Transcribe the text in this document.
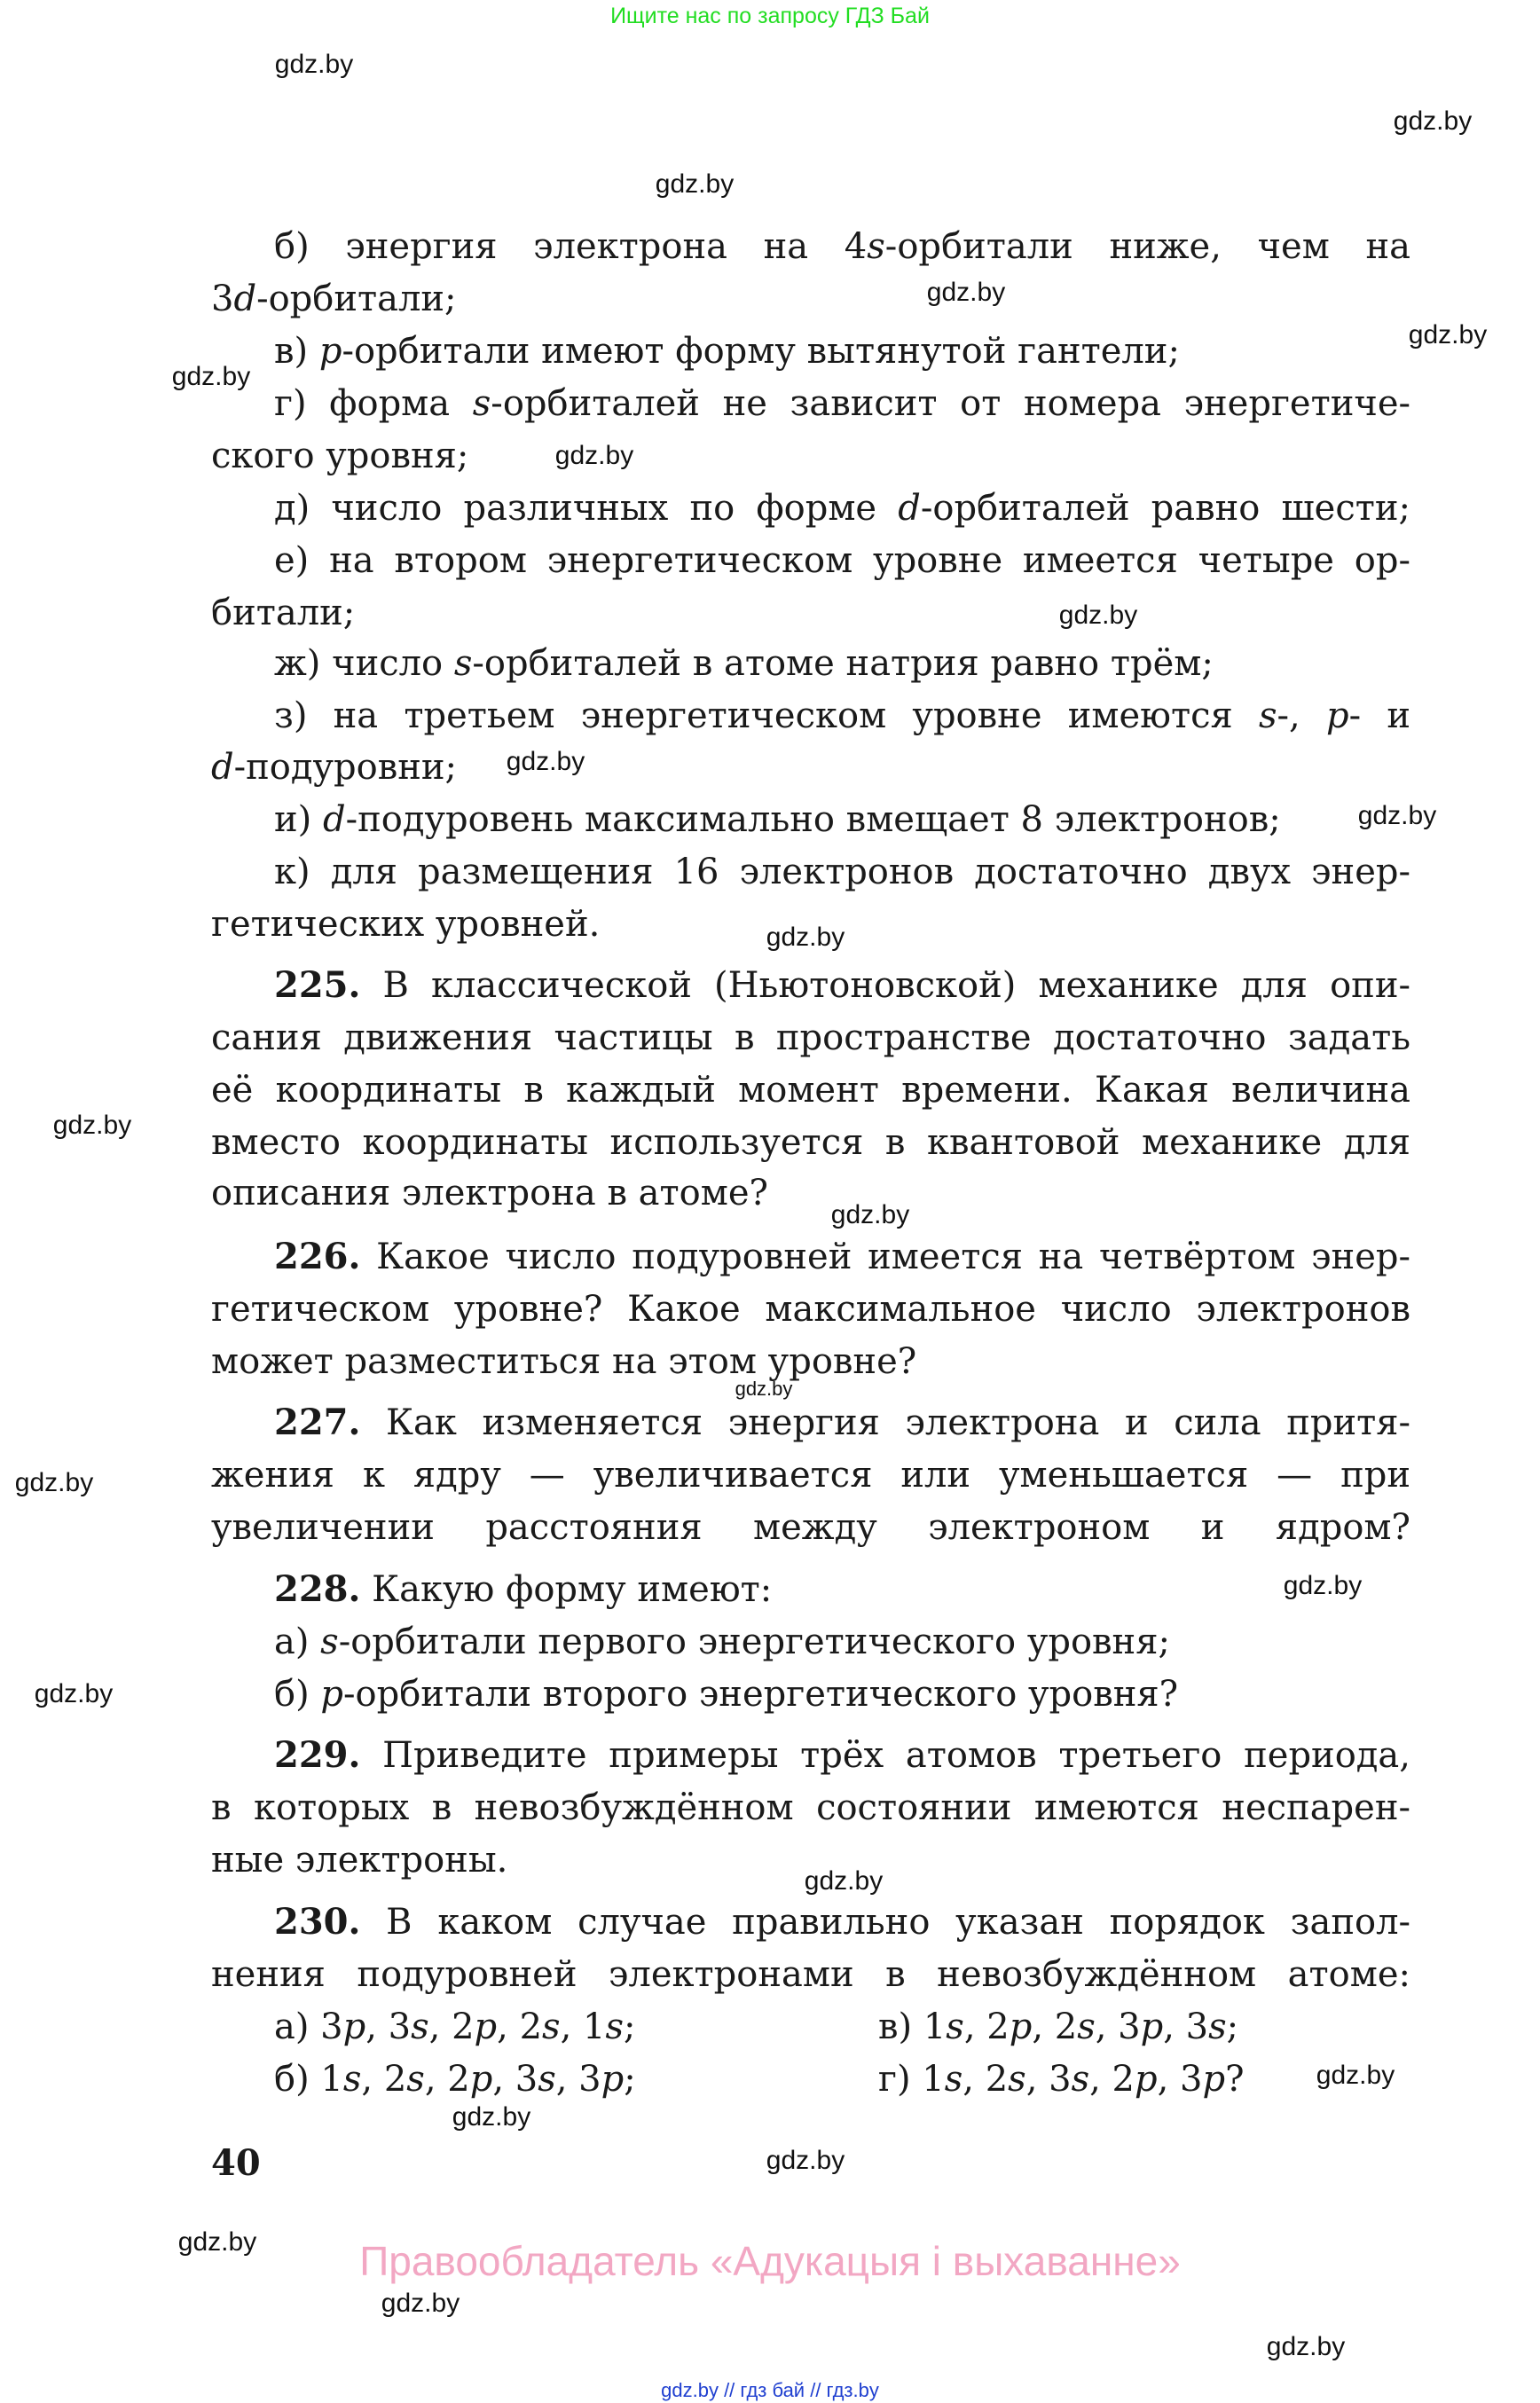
Ищите нас по запросу ГДЗ Бай
б) энергия электрона на 4s-орбитали ниже, чем на
3d-орбитали;
в) p-орбитали имеют форму вытянутой гантели;
г) форма s-орбиталей не зависит от номера энергетиче-
ского уровня;
д) число различных по форме d-орбиталей равно шести;
е) на втором энергетическом уровне имеется четыре ор-
битали;
ж) число s-орбиталей в атоме натрия равно трём;
з) на третьем энергетическом уровне имеются s-, p- и
d-подуровни;
и) d-подуровень максимально вмещает 8 электронов;
к) для размещения 16 электронов достаточно двух энер-
гетических уровней.
225. В классической (Ньютоновской) механике для опи-
сания движения частицы в пространстве достаточно задать
её координаты в каждый момент времени. Какая величина
вместо координаты используется в квантовой механике для
описания электрона в атоме?
226. Какое число подуровней имеется на четвёртом энер-
гетическом уровне? Какое максимальное число электронов
может разместиться на этом уровне?
227. Как изменяется энергия электрона и сила притя-
жения к ядру — увеличивается или уменьшается — при
увеличении расстояния между электроном и ядром?
228. Какую форму имеют:
а) s-орбитали первого энергетического уровня;
б) p-орбитали второго энергетического уровня?
229. Приведите примеры трёх атомов третьего периода,
в которых в невозбуждённом состоянии имеются неспарен-
ные электроны.
230. В каком случае правильно указан порядок запол-
нения подуровней электронами в невозбуждённом атоме:
а) 3p, 3s, 2p, 2s, 1s;	в) 1s, 2p, 2s, 3p, 3s;
б) 1s, 2s, 2p, 3s, 3p;	г) 1s, 2s, 3s, 2p, 3p?
40
gdz.by
gdz.by
gdz.by
gdz.by
gdz.by
gdz.by
gdz.by
gdz.by
gdz.by
gdz.by
gdz.by
gdz.by
gdz.by
gdz.by
gdz.by
gdz.by
gdz.by
gdz.by
gdz.by
gdz.by
gdz.by
gdz.by
gdz.by
gdz.by
Правообладатель «Адукацыя і выхаванне»
gdz.by // гдз бай // гдз.by
